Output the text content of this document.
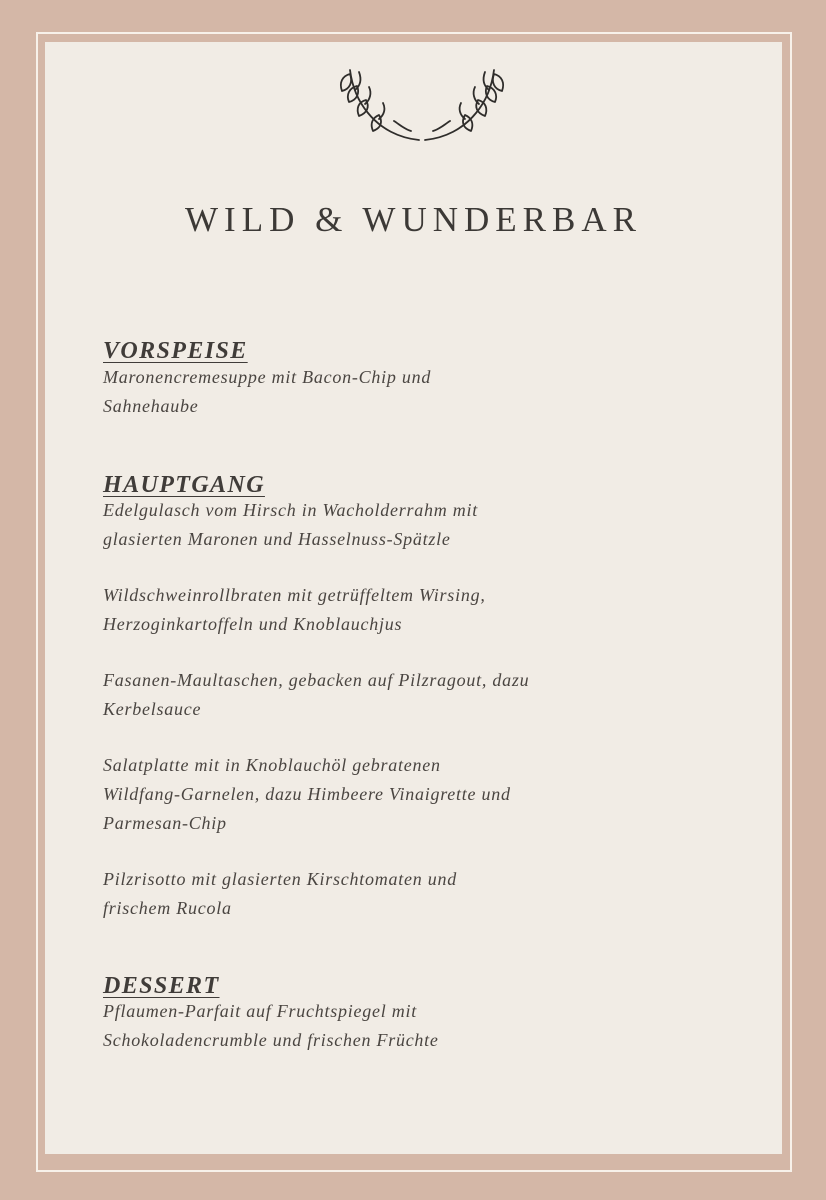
WILD & WUNDERBAR
VORSPEISE

Maronencremesuppe mit Bacon-Chip und
Sahnehaube

HAUPTGANG

Edelgulasch vom Hirsch in Wacholderrahm mit
glasierten Maronen und Hasselnuss-Spätzle

Wildschweinrollbraten mit getrüffeltem Wirsing,
Herzoginkartoffeln und Knoblauchjus

Fasanen-Maultaschen, gebacken auf Pilzragout, dazu
Kerbelsauce

Salatplatte mit in Knoblauchöl gebratenen
Wildfang-Garnelen, dazu Himbeere Vinaigrette und
Parmesan-Chip

Pilzrisotto mit glasierten Kirschtomaten und
frischem Rucola

DESSERT

Pflaumen-Parfait auf Fruchtspiegel mit
Schokoladencrumble und frischen Früchte
